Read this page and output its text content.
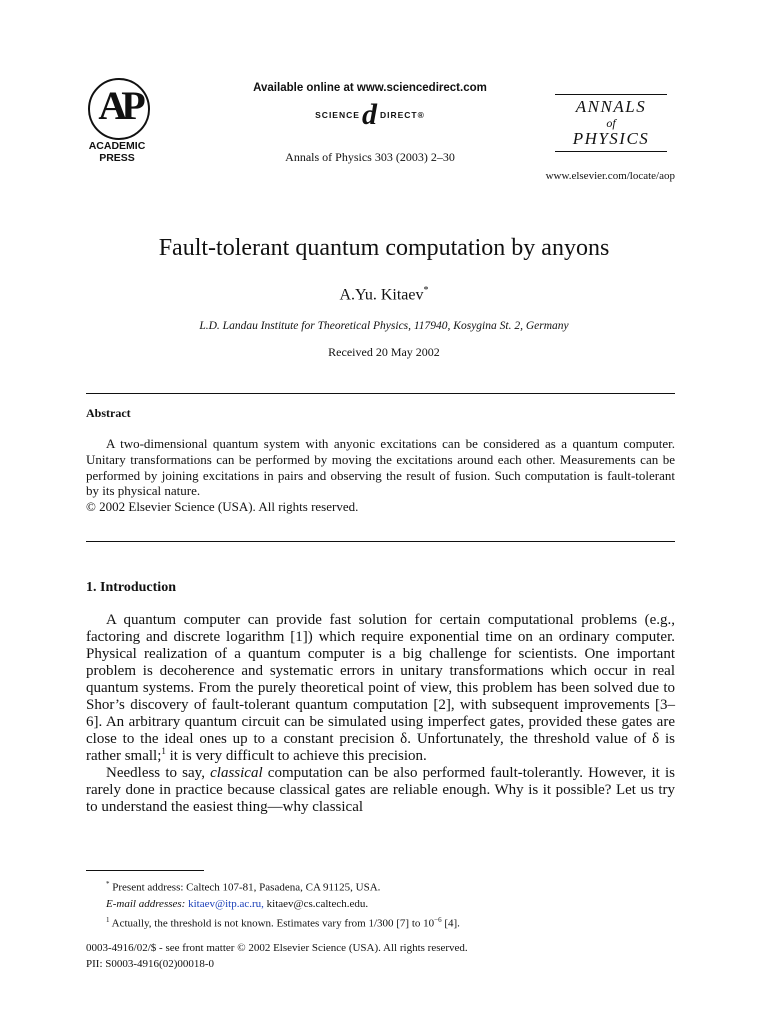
AP
ACADEMIC
PRESS
Available online at www.sciencedirect.com
SCIENCEd DIRECT®
Annals of Physics 303 (2003) 2–30
ANNALS
of
PHYSICS
www.elsevier.com/locate/aop
Fault-tolerant quantum computation by anyons
A.Yu. Kitaev*
L.D. Landau Institute for Theoretical Physics, 117940, Kosygina St. 2, Germany
Received 20 May 2002
Abstract

A two-dimensional quantum system with anyonic excitations can be considered as a quantum computer. Unitary transformations can be performed by moving the excitations around each other. Measurements can be performed by joining excitations in pairs and observing the result of fusion. Such computation is fault-tolerant by its physical nature.

© 2002 Elsevier Science (USA). All rights reserved.

1. Introduction

A quantum computer can provide fast solution for certain computational problems (e.g., factoring and discrete logarithm [1]) which require exponential time on an ordinary computer. Physical realization of a quantum computer is a big challenge for scientists. One important problem is decoherence and systematic errors in unitary transformations which occur in real quantum systems. From the purely theoretical point of view, this problem has been solved due to Shor’s discovery of fault-tolerant quantum computation [2], with subsequent improvements [3–6]. An arbitrary quantum circuit can be simulated using imperfect gates, provided these gates are close to the ideal ones up to a constant precision δ. Unfortunately, the threshold value of δ is rather small;$^1$ it is very difficult to achieve this precision.

Needless to say, classical computation can be also performed fault-tolerantly. However, it is rarely done in practice because classical gates are reliable enough. Why is it possible? Let us try to understand the easiest thing—why classical

* Present address: Caltech 107-81, Pasadena, CA 91125, USA.
E-mail addresses: kitaev@itp.ac.ru, kitaev@cs.caltech.edu.
$^1$ Actually, the threshold is not known. Estimates vary from 1/300 [7] to $10^{-6}$ [4].
0003-4916/02/$ - see front matter © 2002 Elsevier Science (USA). All rights reserved.
PII: S0003-4916(02)00018-0
